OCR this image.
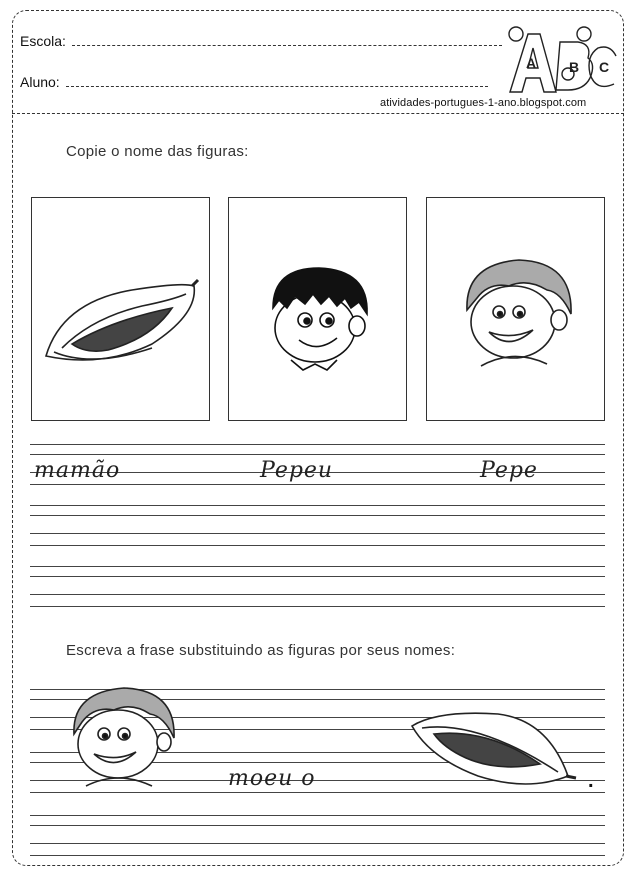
Escola:
Aluno:
atividades-portugues-1-ano.blogspot.com
A B C
Copie o nome das figuras:
mamão	Pepeu	Pepe
Escreva a frase substituindo as figuras por seus nomes:
moeu o	.
